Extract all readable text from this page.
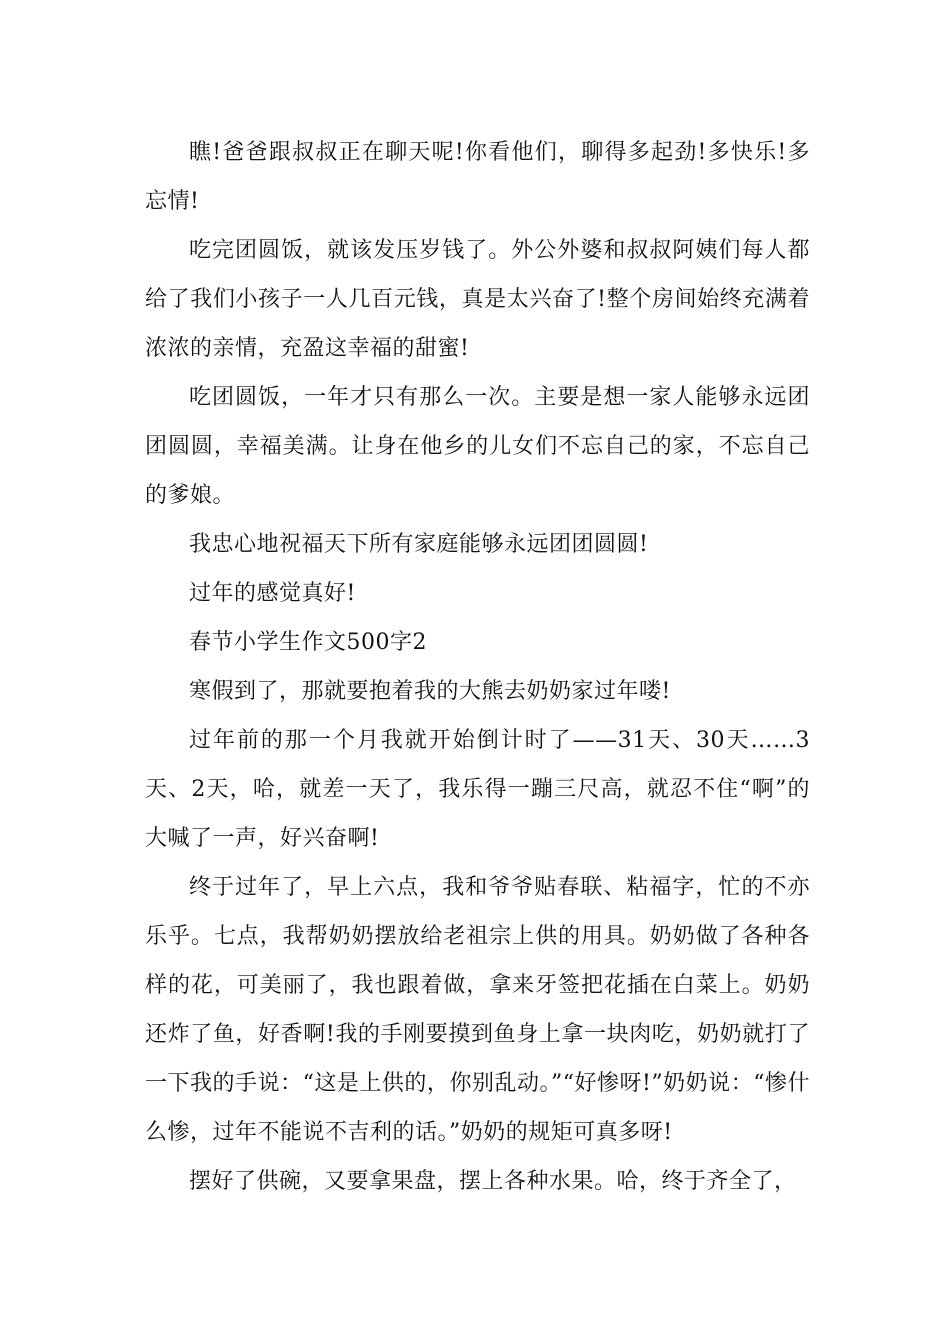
瞧!爸爸跟叔叔正在聊天呢!你看他们，聊得多起劲!多快乐!多忘情!

吃完团圆饭，就该发压岁钱了。外公外婆和叔叔阿姨们每人都给了我们小孩子一人几百元钱，真是太兴奋了!整个房间始终充满着浓浓的亲情，充盈这幸福的甜蜜!

吃团圆饭，一年才只有那么一次。主要是想一家人能够永远团团圆圆，幸福美满。让身在他乡的儿女们不忘自己的家，不忘自己的爹娘。

我忠心地祝福天下所有家庭能够永远团团圆圆!

过年的感觉真好!

春节小学生作文500字2

寒假到了，那就要抱着我的大熊去奶奶家过年喽!

过年前的那一个月我就开始倒计时了——31天、30天……3天、2天，哈，就差一天了，我乐得一蹦三尺高，就忍不住“啊”的大喊了一声，好兴奋啊!

终于过年了，早上六点，我和爷爷贴春联、粘福字，忙的不亦乐乎。七点，我帮奶奶摆放给老祖宗上供的用具。奶奶做了各种各样的花，可美丽了，我也跟着做，拿来牙签把花插在白菜上。奶奶还炸了鱼，好香啊!我的手刚要摸到鱼身上拿一块肉吃，奶奶就打了一下我的手说：“这是上供的，你别乱动。”“好惨呀!”奶奶说：“惨什么惨，过年不能说不吉利的话。”奶奶的规矩可真多呀!

摆好了供碗，又要拿果盘，摆上各种水果。哈，终于齐全了，
